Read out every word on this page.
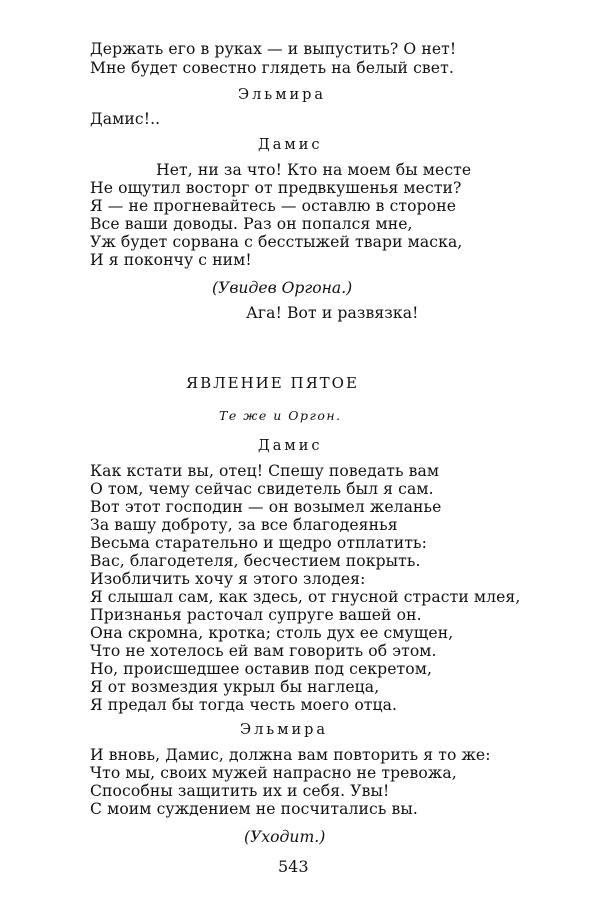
Держать его в руках — и выпустить? О нет!
Мне будет совестно глядеть на белый свет.
Эльмира
Дамис!..
Дамис
Нет, ни за что! Кто на моем бы месте
Не ощутил восторг от предвкушенья мести?
Я — не прогневайтесь — оставлю в стороне
Все ваши доводы. Раз он попался мне,
Уж будет сорвана с бесстыжей твари маска,
И я покончу с ним!
(Увидев Оргона.)
Ага! Вот и развязка!
ЯВЛЕНИЕ ПЯТОЕ
Те же и Оргон.
Дамис
Как кстати вы, отец! Спешу поведать вам
О том, чему сейчас свидетель был я сам.
Вот этот господин — он возымел желанье
За вашу доброту, за все благодеянья
Весьма старательно и щедро отплатить:
Вас, благодетеля, бесчестием покрыть.
Изобличить хочу я этого злодея:
Я слышал сам, как здесь, от гнусной страсти млея,
Признанья расточал супруге вашей он.
Она скромна, кротка; столь дух ее смущен,
Что не хотелось ей вам говорить об этом.
Но, происшедшее оставив под секретом,
Я от возмездия укрыл бы наглеца,
Я предал бы тогда честь моего отца.
Эльмира
И вновь, Дамис, должна вам повторить я то же:
Что мы, своих мужей напрасно не тревожа,
Способны защитить их и себя. Увы!
С моим суждением не посчитались вы.
(Уходит.)
543
